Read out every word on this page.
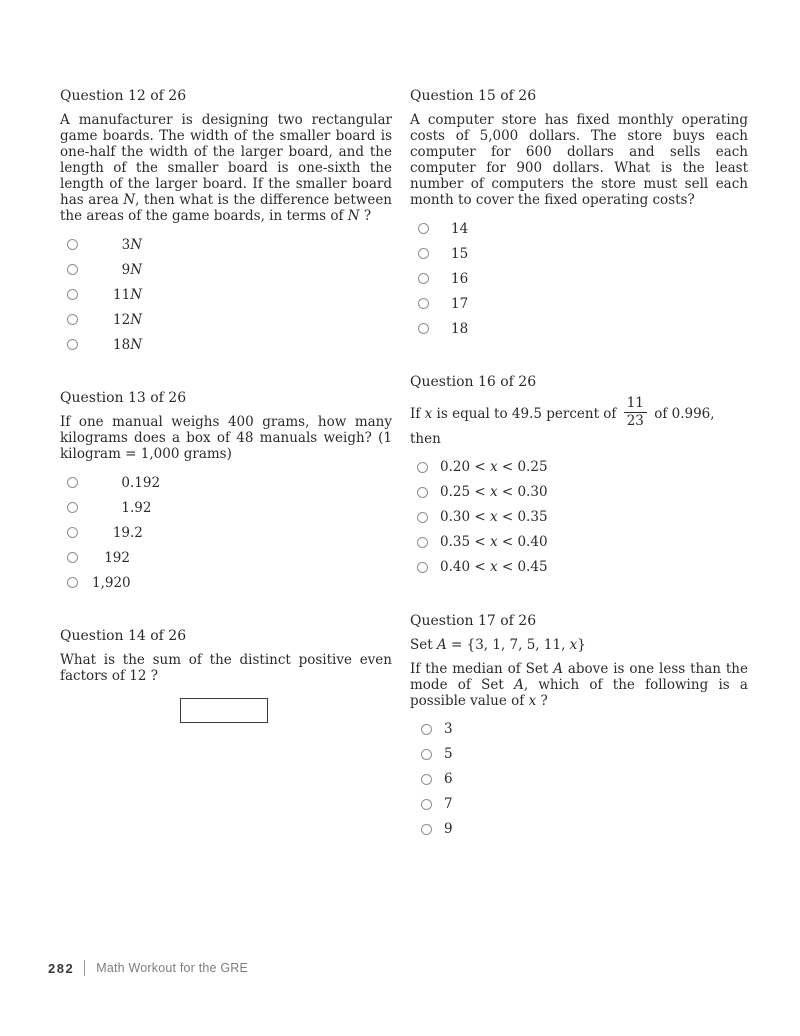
Question 12 of 26
A manufacturer is designing two rectangular game boards. The width of the smaller board is one-half the width of the larger board, and the length of the smaller board is one-sixth the length of the larger board. If the smaller board has area N, then what is the difference between the areas of the game boards, in terms of N ?
3N
9N
11N
12N
18N
Question 13 of 26
If one manual weighs 400 grams, how many kilograms does a box of 48 manuals weigh? (1 kilogram = 1,000 grams)
0 .192
1 .92
19 .2
192
1,920
Question 14 of 26
What is the sum of the distinct positive even factors of 12 ?
Question 15 of 26
A computer store has fixed monthly operating costs of 5,000 dollars. The store buys each computer for 600 dollars and sells each computer for 900 dollars. What is the least number of computers the store must sell each month to cover the fixed operating costs?
14
15
16
17
18
Question 16 of 26
If x is equal to 49.5 percent of $\frac{11}{23}$ of 0.996, then
0.20 < x < 0.25
0.25 < x < 0.30
0.30 < x < 0.35
0.35 < x < 0.40
0.40 < x < 0.45
Question 17 of 26
Set A = {3, 1, 7, 5, 11, x}
If the median of Set A above is one less than the mode of Set A, which of the following is a possible value of x ?
3
5
6
7
9
282 Math Workout for the GRE
